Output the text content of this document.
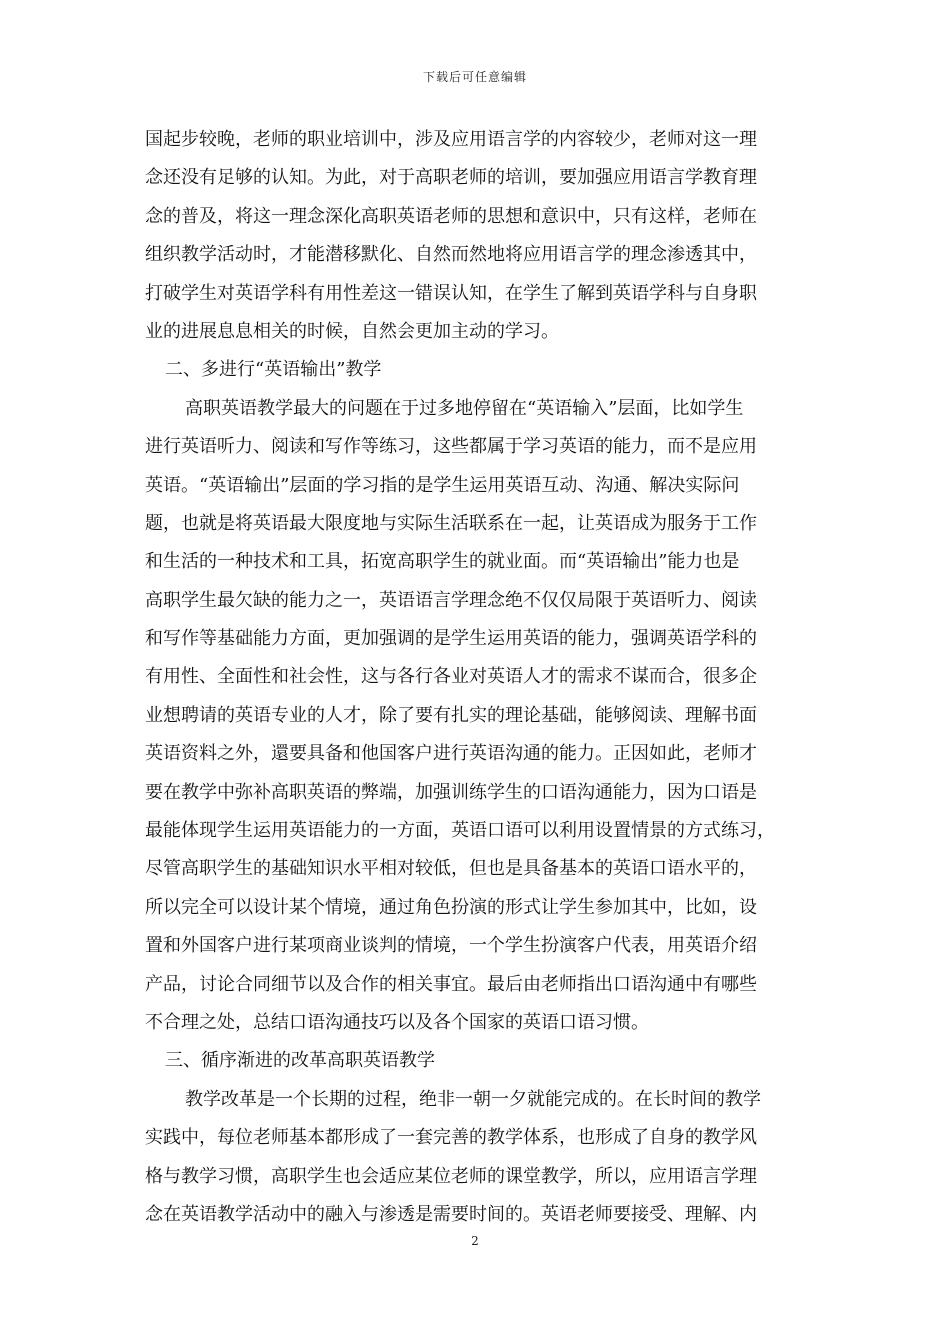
下载后可任意编辑
国起步较晚，老师的职业培训中，涉及应用语言学的内容较少，老师对这一理
念还没有足够的认知。为此，对于高职老师的培训，要加强应用语言学教育理
念的普及，将这一理念深化高职英语老师的思想和意识中，只有这样，老师在
组织教学活动时，才能潜移默化、自然而然地将应用语言学的理念渗透其中，
打破学生对英语学科有用性差这一错误认知，在学生了解到英语学科与自身职
业的进展息息相关的时候，自然会更加主动的学习。
二、多进行“英语输出”教学
高职英语教学最大的问题在于过多地停留在“英语输入”层面，比如学生
进行英语听力、阅读和写作等练习，这些都属于学习英语的能力，而不是应用
英语。“英语输出”层面的学习指的是学生运用英语互动、沟通、解决实际问
题，也就是将英语最大限度地与实际生活联系在一起，让英语成为服务于工作
和生活的一种技术和工具，拓宽高职学生的就业面。而“英语输出”能力也是
高职学生最欠缺的能力之一，英语语言学理念绝不仅仅局限于英语听力、阅读
和写作等基础能力方面，更加强调的是学生运用英语的能力，强调英语学科的
有用性、全面性和社会性，这与各行各业对英语人才的需求不谋而合，很多企
业想聘请的英语专业的人才，除了要有扎实的理论基础，能够阅读、理解书面
英语资料之外，還要具备和他国客户进行英语沟通的能力。正因如此，老师才
要在教学中弥补高职英语的弊端，加强训练学生的口语沟通能力，因为口语是
最能体现学生运用英语能力的一方面，英语口语可以利用设置情景的方式练习，
尽管高职学生的基础知识水平相对较低，但也是具备基本的英语口语水平的，
所以完全可以设计某个情境，通过角色扮演的形式让学生参加其中，比如，设
置和外国客户进行某项商业谈判的情境，一个学生扮演客户代表，用英语介绍
产品，讨论合同细节以及合作的相关事宜。最后由老师指出口语沟通中有哪些
不合理之处，总结口语沟通技巧以及各个国家的英语口语习惯。
三、循序渐进的改革高职英语教学
教学改革是一个长期的过程，绝非一朝一夕就能完成的。在长时间的教学
实践中，每位老师基本都形成了一套完善的教学体系，也形成了自身的教学风
格与教学习惯，高职学生也会适应某位老师的课堂教学，所以，应用语言学理
念在英语教学活动中的融入与渗透是需要时间的。英语老师要接受、理解、内
2
